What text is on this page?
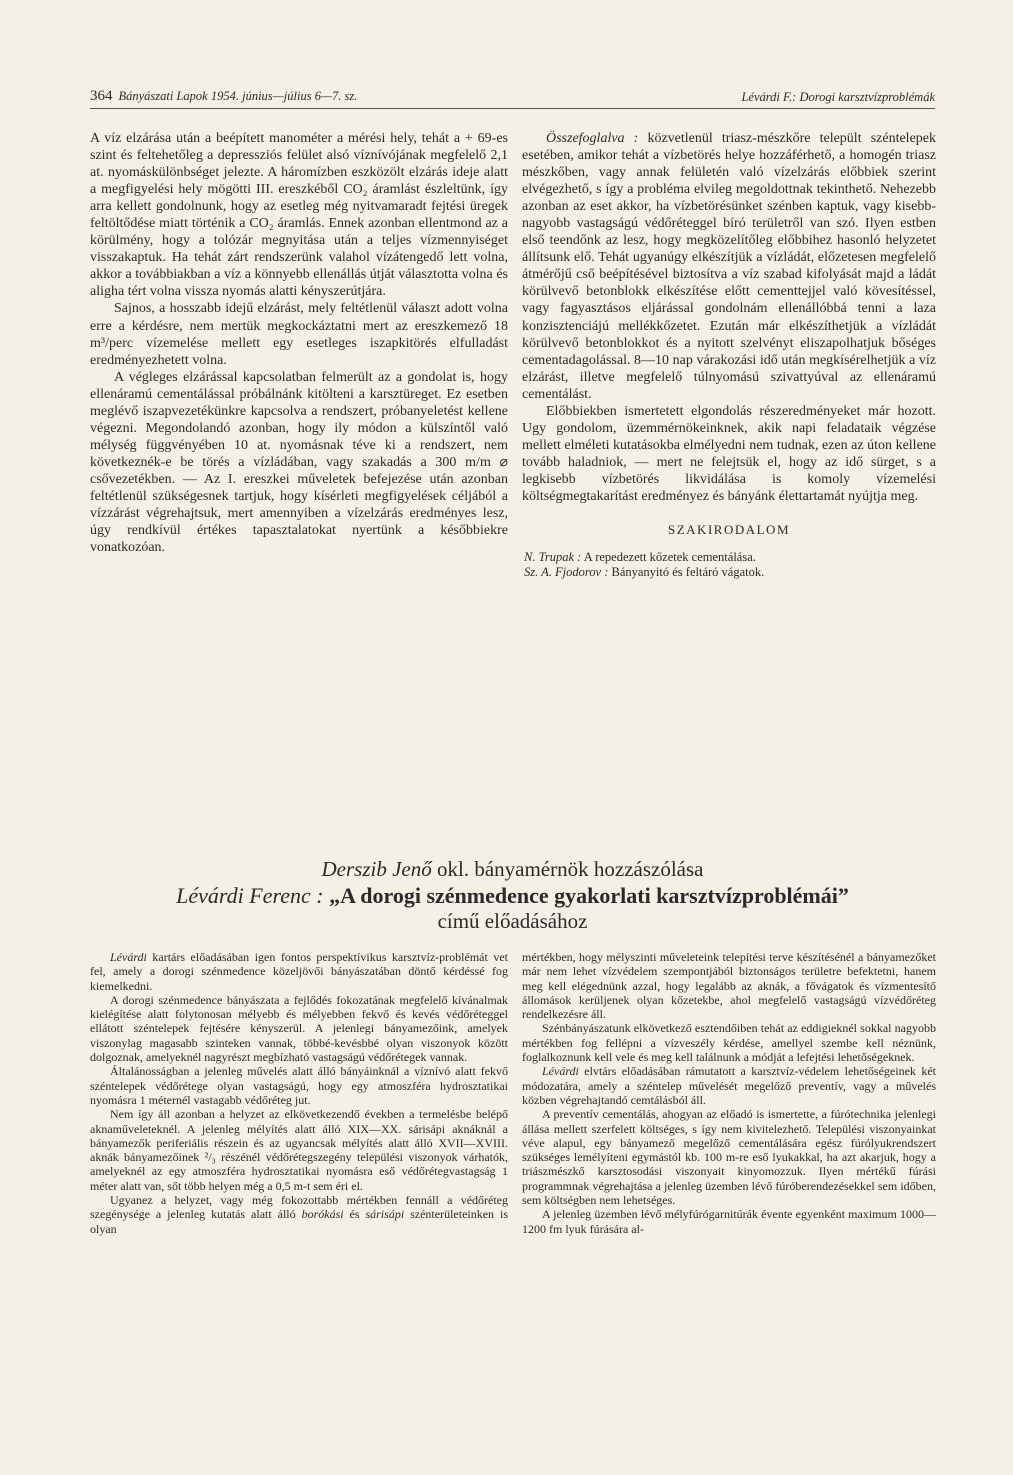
364 Bányászati Lapok 1954. június—július 6—7. sz.	Lévárdi F.: Dorogi karsztvízproblémák

A víz elzárása után a beépített manométer a mérési hely, tehát a + 69-es szint és feltehetőleg a depressziós felület alsó víznívójának megfelelő 2,1 at. nyomáskülönbséget jelezte. A háromízben eszközölt elzárás ideje alatt a megfigyelési hely mögötti III. ereszkéből CO₂ áramlást észleltünk, így arra kellett gondolnunk, hogy az esetleg még nyitvamaradt fejtési üregek feltöltődése miatt történik a CO₂ áramlás. Ennek azonban ellentmond az a körülmény, hogy a tolózár megnyitása után a teljes vízmennyiséget visszakaptuk. Ha tehát zárt rendszerünk valahol vízátengedő lett volna, akkor a továbbiakban a víz a könnyebb ellenállás útját választotta volna és aligha tért volna vissza nyomás alatti kényszerútjára.

Sajnos, a hosszabb idejű elzárást, mely feltétlenül választ adott volna erre a kérdésre, nem mertük megkockáztatni mert az ereszkemező 18 m³/perc vízemelése mellett egy esetleges iszapkitörés elfulladást eredményezhetett volna.

A végleges elzárással kapcsolatban felmerült az a gondolat is, hogy ellenáramú cementálással próbálnánk kitölteni a karsztüreget. Ez esetben meglévő iszapvezetékünkre kapcsolva a rendszert, próbanyeletést kellene végezni. Megondolandó azonban, hogy ily módon a külszíntől való mélység függvényében 10 at. nyomásnak téve ki a rendszert, nem következnék-e be törés a vízládában, vagy szakadás a 300 m/m ⌀ csővezetékben. — Az I. ereszkei műveletek befejezése után azonban feltétlenül szükségesnek tartjuk, hogy kísérleti megfigyelések céljából a vízzárást végrehajtsuk, mert amennyiben a vízelzárás eredményes lesz, úgy rendkívül értékes tapasztalatokat nyertünk a későbbiekre vonatkozóan.

Összefoglalva : közvetlenül triasz-mészkőre települt széntelepek esetében, amikor tehát a vízbetörés helye hozzáférhető, a homogén triasz mészkőben, vagy annak felületén való vízelzárás előbbiek szerint elvégezhető, s így a probléma elvileg megoldottnak tekinthető. Nehezebb azonban az eset akkor, ha vízbetörésünket szénben kaptuk, vagy kisebb-nagyobb vastagságú védőréteggel bíró területről van szó. Ilyen estben első teendőnk az lesz, hogy megközelítőleg előbbihez hasonló helyzetet állítsunk elő. Tehát ugyanúgy elkészítjük a vízládát, előzetesen megfelelő átmérőjű cső beépítésével biztosítva a víz szabad kifolyását majd a ládát körülvevő betonblokk elkészítése előtt cementtejjel való kövesítéssel, vagy fagyasztásos eljárással gondolnám ellenállóbbá tenni a laza konzisztenciájú mellékkőzetet. Ezután már elkészíthetjük a vízládát körülvevő betonblokkot és a nyitott szelvényt eliszapolhatjuk bőséges cementadagolással. 8—10 nap várakozási idő után megkísérelhetjük a víz elzárást, illetve megfelelő túlnyomású szivattyúval az ellenáramú cementálást.

Előbbiekben ismertetett elgondolás részeredményeket már hozott. Ugy gondolom, üzemmérnökeinknek, akik napi feladataik végzése mellett elméleti kutatásokba elmélyedni nem tudnak, ezen az úton kellene tovább haladniok, — mert ne felejtsük el, hogy az idő sürget, s a legkisebb vízbetörés likvidálása is komoly vízemelési költségmegtakarítást eredményez és bányánk élettartamát nyújtja meg.

SZAKIRODALOM

N. Trupak : A repedezett kőzetek cementálása.
Sz. A. Fjodorov : Bányanyitó és feltáró vágatok.
Derszib Jenő okl. bányamérnök hozzászólása
Lévárdi Ferenc : „A dorogi szénmedence gyakorlati karsztvízproblémái”
című előadásához

Lévárdi kartárs előadásában igen fontos perspektívikus karsztvíz-problémát vet fel, amely a dorogi szénmedence közeljövői bányászatában döntő kérdéssé fog kiemelkedni.

A dorogi szénmedence bányászata a fejlődés fokozatának megfelelő kívánalmak kielégítése alatt folytonosan mélyebb és mélyebben fekvő és kevés védőréteggel ellátott széntelepek fejtésére kényszerül. A jelenlegi bányamezőink, amelyek viszonylag magasabb szinteken vannak, többé-kevésbbé olyan viszonyok között dolgoznak, amelyeknél nagyrészt megbízható vastagságú védőrétegek vannak.

Általánosságban a jelenleg művelés alatt álló bányáinknál a víznívó alatt fekvő széntelepek védőrétege olyan vastagságú, hogy egy atmoszféra hydrosztatikai nyomásra 1 méternél vastagabb védőréteg jut.

Nem így áll azonban a helyzet az elkövetkezendő években a termelésbe belépő aknaműveleteknél. A jelenleg mélyítés alatt álló XIX—XX. sárisápi aknáknál a bányamezők periferiális részein és az ugyancsak mélyítés alatt álló XVII—XVIII. aknák bányamezőinek ²/₃ részénél védőrétegszegény települési viszonyok várhatók, amelyeknél az egy atmoszféra hydrosztatikai nyomásra eső védőrétegvastagság 1 méter alatt van, sőt több helyen még a 0,5 m-t sem éri el.

Ugyanez a helyzet, vagy még fokozottabb mértékben fennáll a védőréteg szegénysége a jelenleg kutatás alatt álló borókási és sárisápi szénterületeinken is olyan

mértékben, hogy mélyszinti műveleteink telepítési terve készítésénél a bányamezőket már nem lehet vízvédelem szempontjából biztonságos területre befektetni, hanem meg kell elégednünk azzal, hogy legalább az aknák, a fővágatok és vízmentesítő állomások kerüljenek olyan kőzetekbe, ahol megfelelő vastagságú vízvédőréteg rendelkezésre áll.

Szénbányászatunk elkövetkező esztendőiben tehát az eddigieknél sokkal nagyobb mértékben fog fellépni a vízveszély kérdése, amellyel szembe kell néznünk, foglalkoznunk kell vele és meg kell találnunk a módját a lefejtési lehetőségeknek.

Lévárdi elvtárs előadásában rámutatott a karsztvíz-védelem lehetőségeinek két módozatára, amely a széntelep művelését megelőző preventív, vagy a művelés közben végrehajtandó cemtálásból áll.

A preventív cementálás, ahogyan az előadó is ismertette, a fúrótechnika jelenlegi állása mellett szerfelett költséges, s így nem kivitelezhető. Települési viszonyainkat véve alapul, egy bányamező megelőző cementálására egész fúrólyukrendszert szükséges lemélyíteni egymástól kb. 100 m-re eső lyukakkal, ha azt akarjuk, hogy a triászmészkő karsztosodási viszonyait kinyomozzuk. Ilyen mértékű fúrási programmnak végrehajtása a jelenleg üzemben lévő fúróberendezésekkel sem időben, sem költségben nem lehetséges.

A jelenleg üzemben lévő mélyfúrógarnitúrák évente egyenként maximum 1000—1200 fm lyuk fúrására al-
